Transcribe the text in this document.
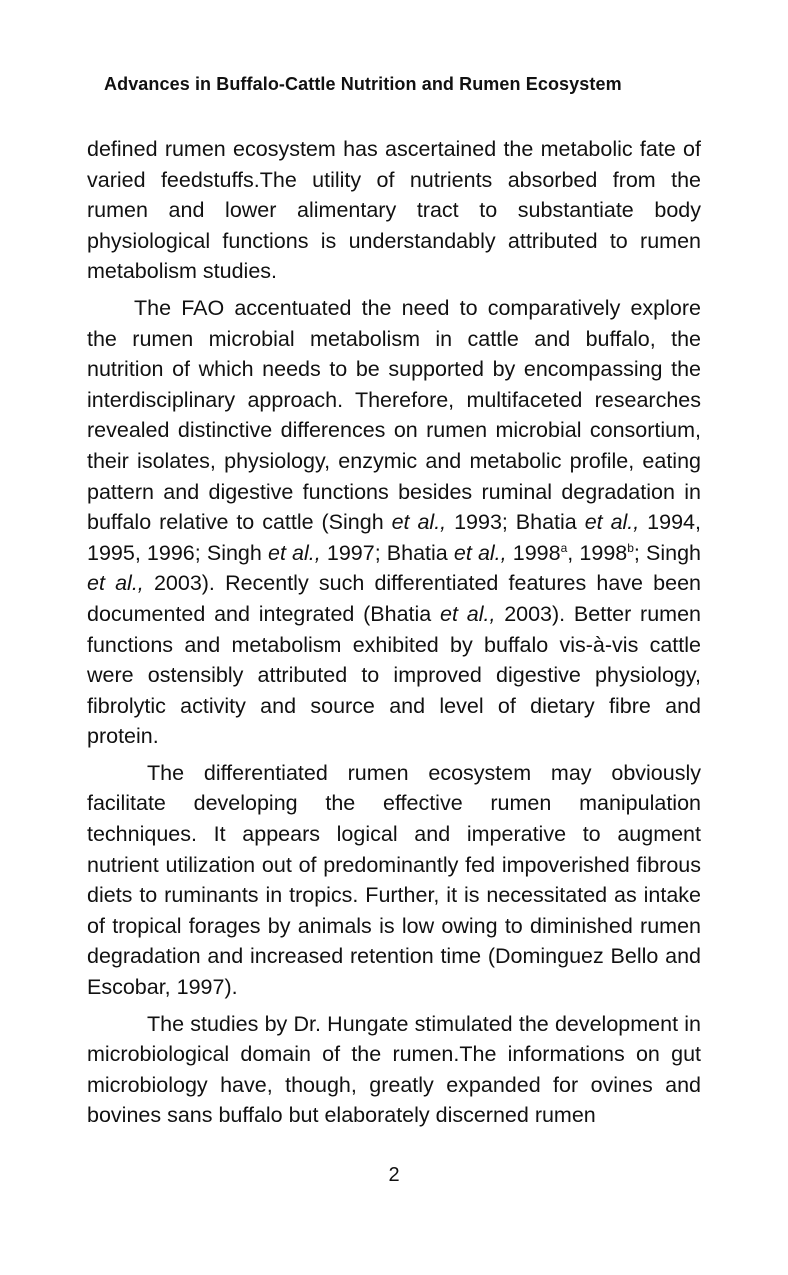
Advances in Buffalo-Cattle Nutrition and Rumen Ecosystem

defined rumen ecosystem has ascertained the metabolic fate of varied feedstuffs.The utility of nutrients absorbed from the rumen and lower alimentary tract to substantiate body physiological functions is understandably attributed to rumen metabolism studies.

The FAO accentuated the need to comparatively explore the rumen microbial metabolism in cattle and buffalo, the nutrition of which needs to be supported by encompassing the interdisciplinary approach. Therefore, multifaceted researches revealed distinctive differences on rumen microbial consortium, their isolates, physiology, enzymic and metabolic profile, eating pattern and digestive functions besides ruminal degradation in buffalo relative to cattle (Singh et al., 1993; Bhatia et al., 1994, 1995, 1996; Singh et al., 1997; Bhatia et al., 1998$^a$, 1998$^b$; Singh et al., 2003). Recently such differentiated features have been documented and integrated (Bhatia et al., 2003). Better rumen functions and metabolism exhibited by buffalo vis-à-vis cattle were ostensibly attributed to improved digestive physiology, fibrolytic activity and source and level of dietary fibre and protein.

The differentiated rumen ecosystem may obviously facilitate developing the effective rumen manipulation techniques. It appears logical and imperative to augment nutrient utilization out of predominantly fed impoverished fibrous diets to ruminants in tropics. Further, it is necessitated as intake of tropical forages by animals is low owing to diminished rumen degradation and increased retention time (Dominguez Bello and Escobar, 1997).

The studies by Dr. Hungate stimulated the development in microbiological domain of the rumen.The informations on gut microbiology have, though, greatly expanded for ovines and bovines sans buffalo but elaborately discerned rumen

2
